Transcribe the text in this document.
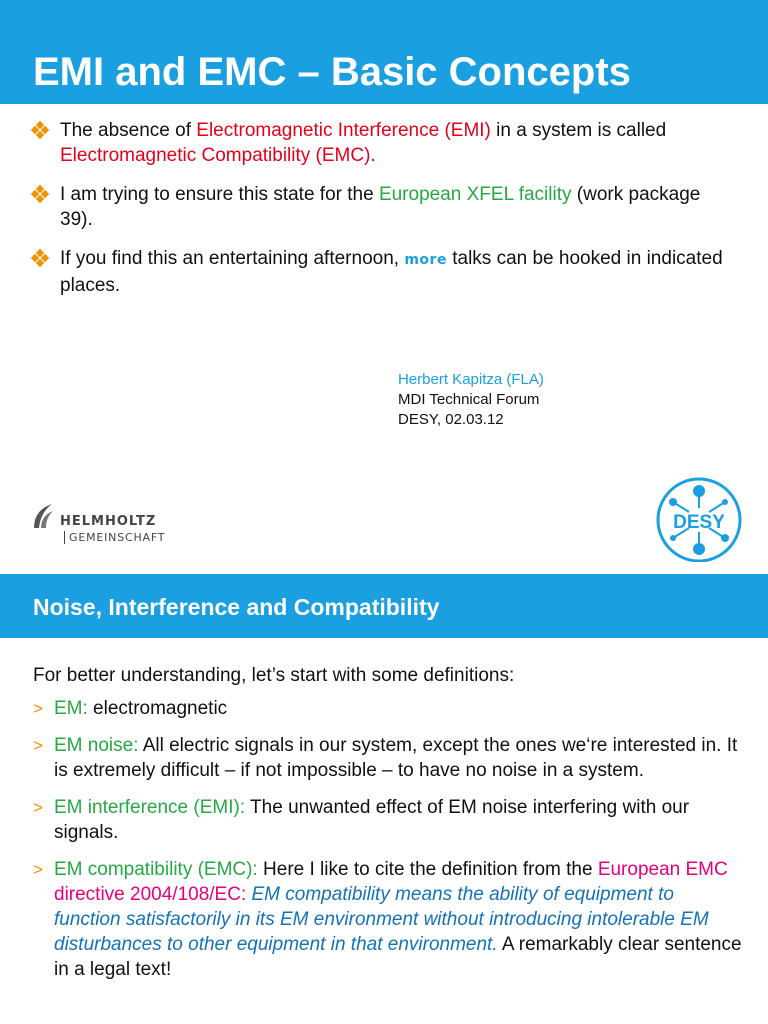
EMI and EMC – Basic Concepts
The absence of Electromagnetic Interference (EMI) in a system is called Electromagnetic Compatibility (EMC).
I am trying to ensure this state for the European XFEL facility (work package 39).
If you find this an entertaining afternoon, more talks can be hooked in indicated places.
Herbert Kapitza (FLA)
MDI Technical Forum
DESY, 02.03.12
HELMHOLTZ
GEMEINSCHAFT
DESY
Noise, Interference and Compatibility
For better understanding, let’s start with some definitions:
> EM: electromagnetic
> EM noise: All electric signals in our system, except the ones we‘re interested in. It is extremely difficult – if not impossible – to have no noise in a system.
> EM interference (EMI): The unwanted effect of EM noise interfering with our signals.
> EM compatibility (EMC): Here I like to cite the definition from the European EMC directive 2004/108/EC: EM compatibility means the ability of equipment to function satisfactorily in its EM environment without introducing intolerable EM disturbances to other equipment in that environment. A remarkably clear sentence in a legal text!
